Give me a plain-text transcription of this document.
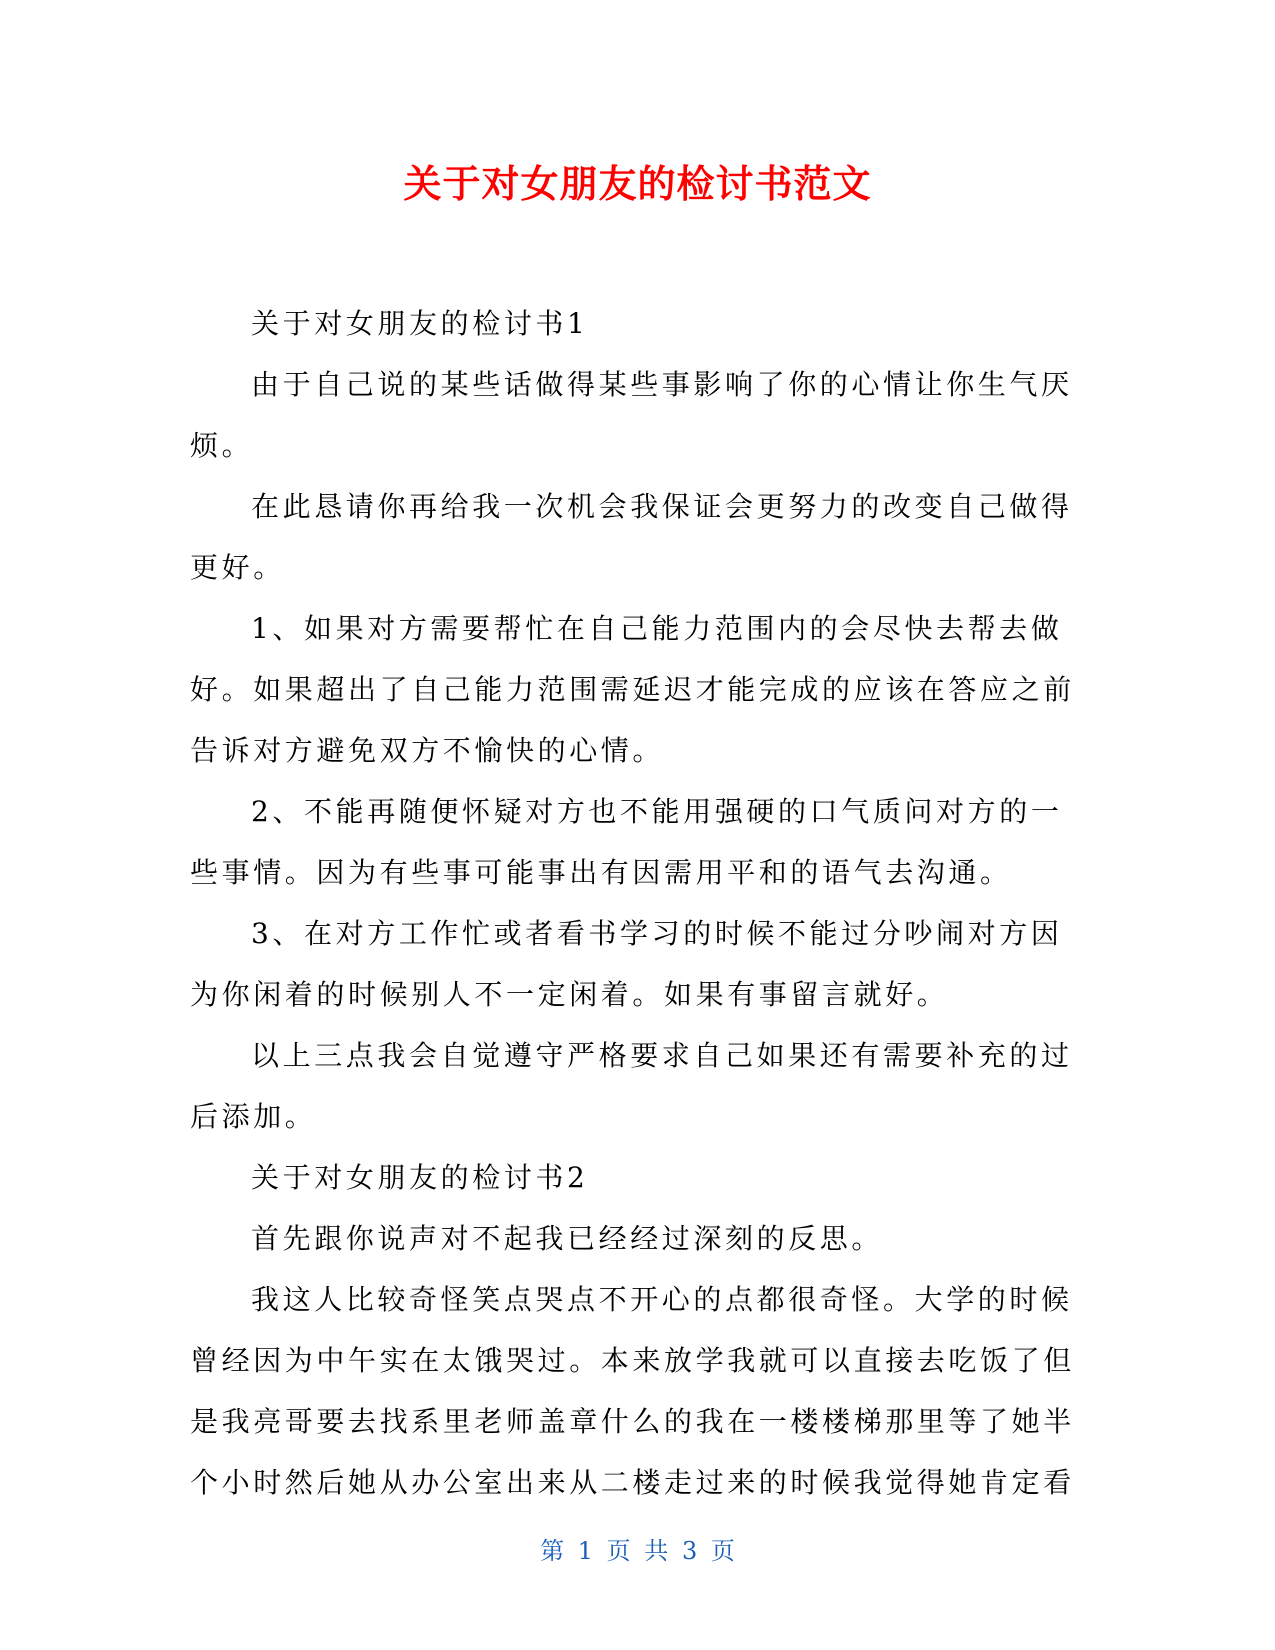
关于对女朋友的检讨书范文

关于对女朋友的检讨书1

由于自己说的某些话做得某些事影响了你的心情让你生气厌烦。

在此恳请你再给我一次机会我保证会更努力的改变自己做得更好。

1、如果对方需要帮忙在自己能力范围内的会尽快去帮去做好。如果超出了自己能力范围需延迟才能完成的应该在答应之前告诉对方避免双方不愉快的心情。

2、不能再随便怀疑对方也不能用强硬的口气质问对方的一些事情。因为有些事可能事出有因需用平和的语气去沟通。

3、在对方工作忙或者看书学习的时候不能过分吵闹对方因为你闲着的时候别人不一定闲着。如果有事留言就好。

以上三点我会自觉遵守严格要求自己如果还有需要补充的过后添加。

关于对女朋友的检讨书2

首先跟你说声对不起我已经经过深刻的反思。

我这人比较奇怪笑点哭点不开心的点都很奇怪。大学的时候曾经因为中午实在太饿哭过。本来放学我就可以直接去吃饭了但是我亮哥要去找系里老师盖章什么的我在一楼楼梯那里等了她半个小时然后她从办公室出来从二楼走过来的时候我觉得她肯定看

第 1 页 共 3 页
